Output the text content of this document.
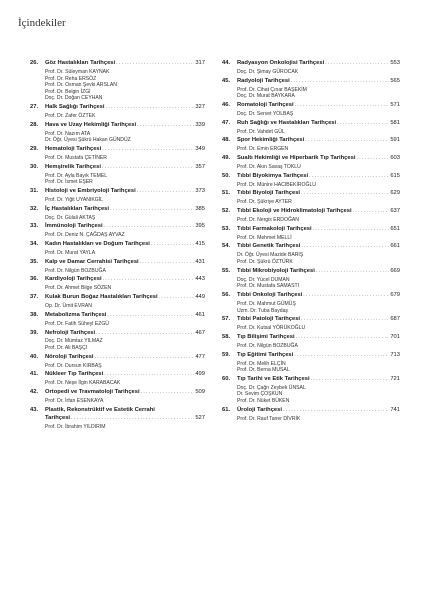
İçindekiler
26.	Göz Hastalıkları Tarihçesi . . .	317
Prof. Dr. Süleyman KAYNAK
Prof. Dr. Reha ERSÖZ
Prof. Dr. Osman Şevki ARSLAN
Prof. Dr. Belgin İZGİ
Doç. Dr. Doğan CEYHAN
27.	Halk Sağlığı Tarihçesi . . .	327
Prof. Dr. Zafer ÖZTEK
28.	Hava ve Uzay Hekimliği Tarihçesi . . .	339
Prof. Dr. Nazım ATA
Dr. Öğr. Üyesi Şükrü Hakan GÜNDÜZ
29.	Hematoloji Tarihçesi . . .	349
Prof. Dr. Mustafa ÇETİNER
30.	Hemşirelik Tarihçesi . . .	357
Prof. Dr. Ayla Bayık TEMEL
Prof. Dr. İsmet EŞER
31.	Histoloji ve Embriyoloji Tarihçesi . . .	373
Prof. Dr. Yiğit UYANIKGİL
32.	İç Hastalıkları Tarihçesi . . .	385
Doç. Dr. Gülali AKTAŞ
33.	İmmünoloji Tarihçesi . . .	395
Prof. Dr. Deniz N. ÇAĞDAŞ AYVAZ
34.	Kadın Hastalıkları ve Doğum Tarihçesi . . .	415
Prof. Dr. Murat YAYLA
35.	Kalp ve Damar Cerrahisi Tarihçesi . . .	431
Prof. Dr. Nilgün BOZBUĞA
36.	Kardiyoloji Tarihçesi . . .	443
Prof. Dr. Ahmet Bilge SÖZEN
37.	Kulak Burun Boğaz Hastalıkları Tarihçesi . . .	449
Op. Dr. Ümit EVRAN
38.	Metabolizma Tarihçesi . . .	461
Prof. Dr. Fatih Süheyl EZGÜ
39.	Nefroloji Tarihçesi . . .	467
Doç. Dr. Mümtaz YILMAZ
Prof. Dr. Ali BAŞÇI
40.	Nöroloji Tarihçesi . . .	477
Prof. Dr. Dursun KIRBAŞ
41.	Nükleer Tıp Tarihçesi . . .	499
Prof. Dr. Neşe İlgin KARABACAK
42.	Ortopedi ve Travmatoloji Tarihçesi . . .	509
Prof. Dr. İrfan ESENKAYA
43.	Plastik, Rekonstrüktif ve Estetik Cerrahi
Tarihçesi . . .	527
Prof. Dr. İbrahim YILDIRIM
44.	Radyasyon Onkolojisi Tarihçesi . . .	553
Doç. Dr. Şimay GÜROCAK
45.	Radyoloji Tarihçesi . . .	565
Prof. Dr. Cihat Çınar BAŞEKİM
Doç. Dr. Murat BAYKARA
46.	Romatoloji Tarihçesi . . .	571
Doç. Dr. Servet YOLBAŞ
47.	Ruh Sağlığı ve Hastalıkları Tarihçesi . . .	581
Prof. Dr. Vahdet GÜL
48.	Spor Hekimliği Tarihçesi . . .	591
Prof. Dr. Emin ERGEN
49.	Sualtı Hekimliği ve Hiperbarik Tıp Tarihçesi . . .	603
Prof. Dr. Akın Savaş TOKLU
50.	Tıbbi Biyokimya Tarihçesi . . .	615
Prof. Dr. Münire HACIBEKİROĞLU
51.	Tıbbi Biyoloji Tarihçesi . . .	629
Prof. Dr. Şükriye AYTER
52.	Tıbbi Ekoloji ve Hidroklimatoloji Tarihçesi . . .	637
Prof. Dr. Nergis ERDOĞAN
53.	Tıbbi Farmakoloji Tarihçesi . . .	651
Prof. Dr. Mehmet MELLİ
54.	Tıbbi Genetik Tarihçesi . . .	661
Dr. Öğr. Üyesi Mazide BARIŞ
Prof. Dr. Şükrü ÖZTÜRK
55.	Tıbbi Mikrobiyoloji Tarihçesi . . .	669
Doç. Dr. Yücel DUMAN
Prof. Dr. Mustafa SAMASTI
56.	Tıbbi Onkoloji Tarihçesi . . .	679
Prof. Dr. Mahmut GÜMÜŞ
Uzm. Dr. Tuba Baydaş
57.	Tıbbi Patoloji Tarihçesi . . .	687
Prof. Dr. Kutsal YÖRÜKOĞLU
58.	Tıp Bilişimi Tarihçesi . . .	701
Prof. Dr. Nilgün BOZBUĞA
59.	Tıp Eğitimi Tarihçesi . . .	713
Prof. Dr. Melih ELÇİN
Prof. Dr. Berna MUSAL
60.	Tıp Tarihi ve Etik Tarihçesi . . .	721
Doç. Dr. Çağrı Zeybek ÜNSAL
Dr. Sevim ÇOŞKUN
Prof. Dr. Nüket BÜKEN
61.	Üroloji Tarihçesi . . .	741
Prof. Dr. Rauf Taner DİVRİK
